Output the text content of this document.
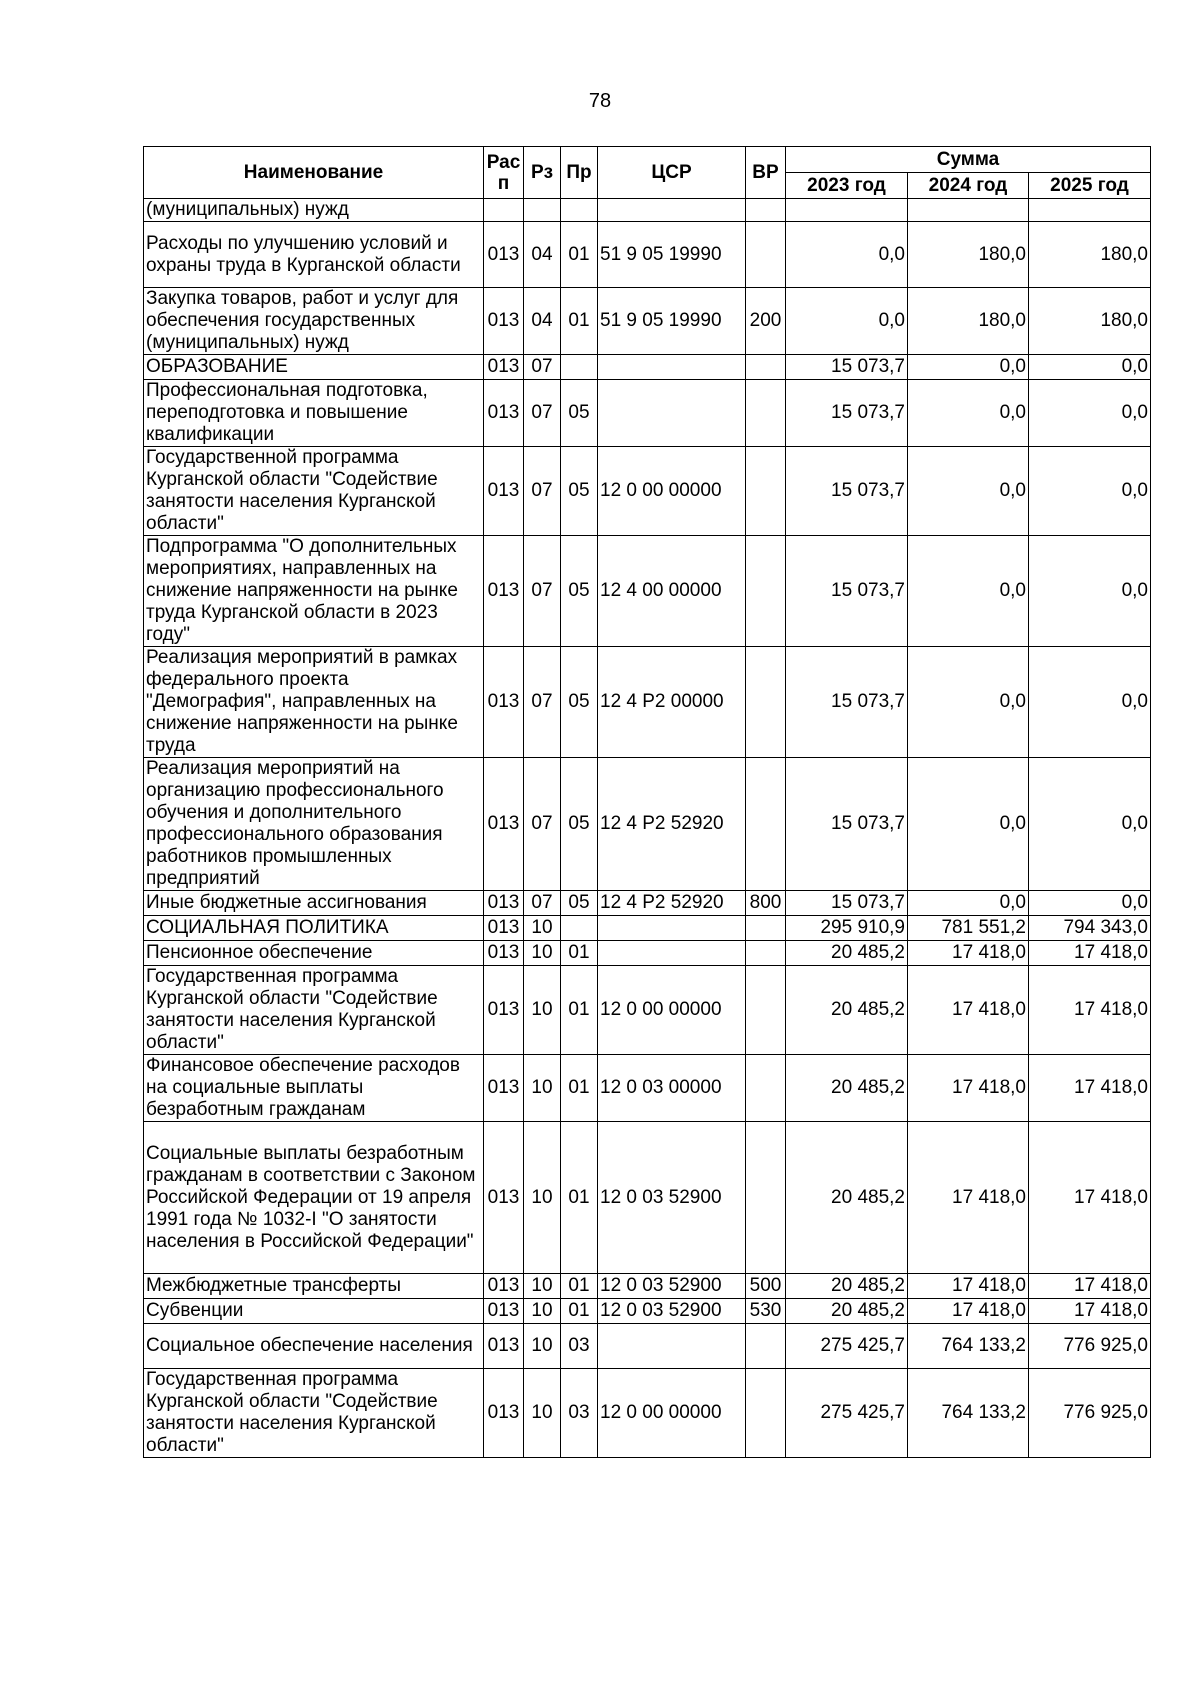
78
Наименование	Рас п	Рз	Пр	ЦСР	ВР	Сумма		
						2023 год	2024 год	2025 год
(муниципальных) нужд								
Расходы по улучшению условий и охраны труда в Курганской области	013	04	01	51 9 05 19990		0,0	180,0	180,0
Закупка товаров, работ и услуг для обеспечения государственных (муниципальных) нужд	013	04	01	51 9 05 19990	200	0,0	180,0	180,0
ОБРАЗОВАНИЕ	013	07				15 073,7	0,0	0,0
Профессиональная подготовка, переподготовка и повышение квалификации	013	07	05			15 073,7	0,0	0,0
Государственной программа Курганской области "Содействие занятости населения Курганской области"	013	07	05	12 0 00 00000		15 073,7	0,0	0,0
Подпрограмма "О дополнительных мероприятиях, направленных на снижение напряженности на рынке труда Курганской области в 2023 году"	013	07	05	12 4 00 00000		15 073,7	0,0	0,0
Реализация мероприятий в рамках федерального проекта "Демография", направленных на снижение напряженности на рынке труда	013	07	05	12 4 P2 00000		15 073,7	0,0	0,0
Реализация мероприятий на организацию профессионального обучения и дополнительного профессионального образования работников промышленных предприятий	013	07	05	12 4 P2 52920		15 073,7	0,0	0,0
Иные бюджетные ассигнования	013	07	05	12 4 P2 52920	800	15 073,7	0,0	0,0
СОЦИАЛЬНАЯ ПОЛИТИКА	013	10				295 910,9	781 551,2	794 343,0
Пенсионное обеспечение	013	10	01			20 485,2	17 418,0	17 418,0
Государственная программа Курганской области "Содействие занятости населения Курганской области"	013	10	01	12 0 00 00000		20 485,2	17 418,0	17 418,0
Финансовое обеспечение расходов на социальные выплаты безработным гражданам	013	10	01	12 0 03 00000		20 485,2	17 418,0	17 418,0
Социальные выплаты безработным гражданам в соответствии с Законом Российской Федерации от 19 апреля 1991 года № 1032-I "О занятости населения в Российской Федерации"	013	10	01	12 0 03 52900		20 485,2	17 418,0	17 418,0
Межбюджетные трансферты	013	10	01	12 0 03 52900	500	20 485,2	17 418,0	17 418,0
Субвенции	013	10	01	12 0 03 52900	530	20 485,2	17 418,0	17 418,0
Социальное обеспечение населения	013	10	03			275 425,7	764 133,2	776 925,0
Государственная программа Курганской области "Содействие занятости населения Курганской области"	013	10	03	12 0 00 00000		275 425,7	764 133,2	776 925,0
